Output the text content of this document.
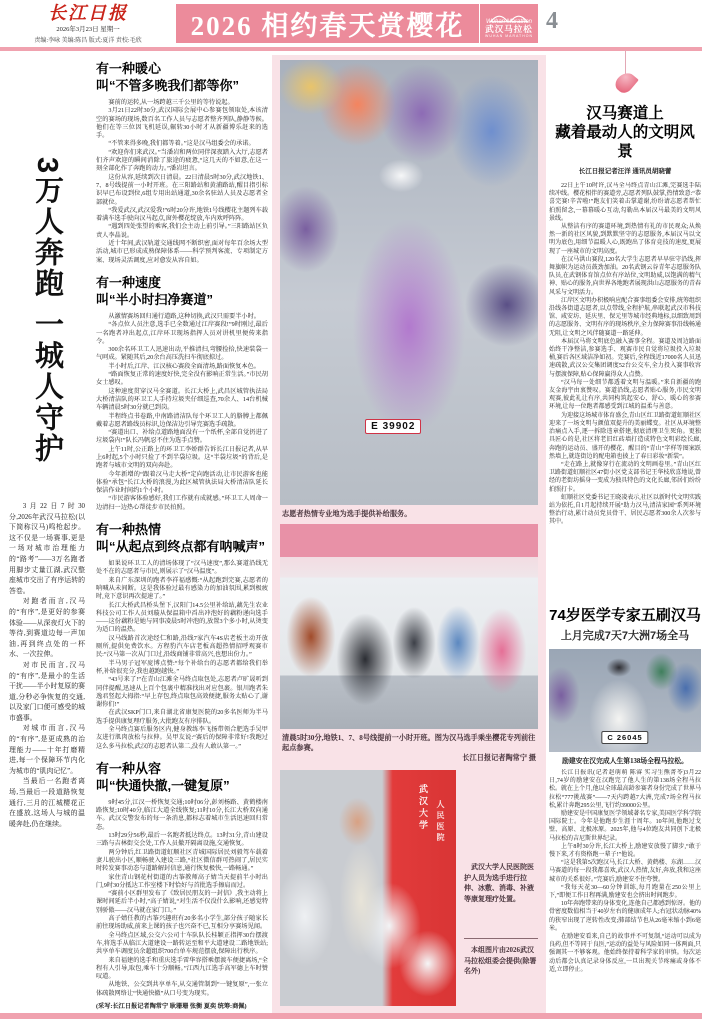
长江日报
2026年3月23日 星期一
责编:李咏 美编:陈昌 版式:夏洋 责校:毛欣	2026 相约春天赏樱花	Wuhan Marathon
武汉马拉松
WUHAN MARATHON
4
3万人奔跑 一城人守护

3月22日7时30分,2026年武汉马拉松(以下简称汉马)鸣枪起步。这不仅是一场赛事,更是一场对城市治理能力的“路考”——3万名跑者用脚步丈量江湖,武汉整座城市交出了有序运转的答卷。

对跑者而言,汉马的“有序”,是更好的参赛体验——从深夜灯火下的等待,到赛道边每一声加油,再到终点处的一杯水、一次拉伸。

对市民而言,汉马的“有序”,是最小的生活干扰——半小时复原的赛道,分秒必争恢复的交通,以及家门口便可感受的城市盛事。

对城市而言,汉马的“有序”,是更成熟的治理能力——十年打磨精进,每一个保障环节内化为城市的“肌肉记忆”。

当最后一名跑者离场,当最后一段道路恢复通行,三月的江城樱花正在盛放,这场人与城的温暖奔赴,仍在继续。

有一种暖心
叫“不管多晚我们都等你”

赛前的运转,从一场跨越三千公里的等待说起。

3月21日22时30分,武汉国际会展中心参赛包领取处,本该清空的赛场的现场,数百名工作人员与志愿者整齐列队,静静等候。他们在等三位因飞机延误,辗转30小时才从新疆博乐赶来的选手。

“不管来得多晚,我们都等着。”这是汉马组委会的承诺。

“欢迎你们来武汉。”当潘岩和两位同伴深夜踏入大厅,志愿者们齐声欢迎的瞬间消除了旅途的疲惫,“这几天的不如意,在这一刻全部化作了奔跑的动力。”潘岩坦言。

这份从容,延续到次日清晨。22日清晨5时30分,武汉地铁1、7、8号线提前一小时开班。在三阳路站和黄浦路站,醒目指引标识早已布设到位,6组专用出站通道,30余名驻站人员及志愿者全部就位。

“我爱武汉,武汉爱我!”6时20分许,地铁1号线樱花主题列车载着满车选手驶向汉马起点,窗外樱花绽放,车内欢呼阵阵。

“遇到四处张望的乘客,我们会主动上前引导。”三阳路站区负责人李晶说。

近十年间,武汉轨道交通线网不断织密,面对每年百余场大型活动,城市已形成成熟保障体系——科学预判客流、专项制定方案、现场灵活调度,应对愈发从容自如。

有一种速度
叫“半小时扫净赛道”

从激情赛场回归通行道路,这种切换,武汉只需要半小时。

“各点位人员注意,选手已全数通过江岸赛段!”9时刚过,最后一名跑者冲出起点,江岸环卫现场指挥人员对讲机里便传来指令。

300余名环卫工人迅速出动,平推清扫,弯腰捡拾,快速装袋一气呵成。紧随其后,20余台高压洗扫车彻底掠过。

半小时后,江岸、江汉核心赛段全面清场,路面恢复本色。

“路面恢复正常的速度好快,完全没有影响正常生活。”市民胡女士感叹。

这种速度贯穿汉马全赛道。长江大桥上,武昌区城管执法局大桥清洁队的环卫工人手持垃圾夹仔细巡查,70余人、14台机械车辆清晨5时30分就已到岗。

半程终点书卷路,中南路清洁队每个环卫工人的胳膊上都佩戴着志愿者路线员标识,边保洁边引导完赛选手疏散。

“赛道出口、补给点道路地面没有一个纸杯,全部自觉扔进了垃圾袋内!”队长冯帆忍不住为选手点赞。

上午11时,公正路上的环卫工李娇群告诉长江日报记者,从早上6时起,5个小时只捡了不到半袋垃圾。这“半袋垃圾”的背后,是跑者与城市文明的双向奔赴。

今年新增的“跟着汉马走大桥”定向跑活动,让市民游客也能体验“承包”长江大桥的浪漫,为此区城管执法局大桥清洁队延长保洁作业时间约1个小时。

“市民游客体验感好,我们工作就有成就感。”环卫工人周命一边清扫一边热心帮徒步市民拍照。

有一种热情
叫“从起点到终点都有呐喊声”

如果说环卫工人的清场体现了“汉马速度”,那么赛道沿线无处不在的志愿者与市民,则展示了“汉马温度”。

来自广东深圳的跑者李祥福感慨:“从起跑到完赛,志愿者的呐喊从未间断。这是我体验过最有感染力的加油氛围,累到极疲时,竟下意识再次提速了。”

长江大桥武昌桥头堡下,汉阳门14.5公里补给站,藕先生农业科技公司工作人员刘璇从保温箱中舀出冲泡好的藕粉递向选手——这份藕粉是她与同事凌晨5时冲泡的,放置3个多小时,从烫变为适口的温热。

汉马线路首次途经仁和路,沿线7家汽车4S店老板主动开放厕所,提供免费饮水。方程豹汽车店老板高超热情招呼观赛市民:“汉马第一次从门口过,沿线商铺非常高兴,也想出份力。”

半马男子冠军庞博点赞:“每个补给台的志愿者都给我们举杯,补给很充分,我也越跑越快。”

“43号来了!”在青山江滩全马终点取包处,志愿者卢旷晟听到同伴提醒,迅速从上百个包裹中精准找出对应包裹。银川跑者朱逸君竖起大拇指:“早上存包,终点取包高效便捷,服务太贴心了,谢谢你们!”

在武汉SKP门口,来自湖北省康复医院的20多名医师为半马选手提供康复理疗服务,大批跑友有序排队。

全马终点赛后服务区内,健身教练李飞扬带领合肥选手吴甲友进行肌肉放松与拉伸。吴甲友说:“赛后的保障非常好!我跑过这么多马拉松,武汉的志愿者认第二,没有人敢认第一。”

有一种从容
叫“快通快撤,一键复原”

9时45分,江汉一桥恢复交通;10时06分,彭刘杨路、黄鹤楼南路恢复;10时40分,临江大道全线恢复;11时10分,长江大桥双向通车。武汉交警发布的每一条消息,都标志着城市生活迅速回归常态。

13时29分56秒,最后一名跑者抵达终点。13时31分,青山建设三路与吉林街交会处,工作人员撤开隔离设施,交通恢复。

两分钟后,红卫路街道虹顺社区青城国际居民刘毅驾车载着妻儿驶出小区,顺畅驶入建设三路,“社区微信群可热闹了,居民实时转发赛事动态与道路解封信息,通行恢复极快,一路畅通。”

家住青山钢花村街道的古筝教师高子婧当天提前半小时出门,9时30分抵达工作室楼下时恰好与首批选手擦肩而过。

“赛前小区群里发布了《致居民朋友的一封信》,我主动将上课时间延后半小时,”高子婧说,“对生活不仅没什么影响,还感觉特别骄傲——汉马就在家门口。”

高子婧任教的古筝兴趣班有20多名小学生,部分孩子随家长前往现场助威,前来上课的孩子也兴奋不已,互相分享赛场见闻。

全马终点区域,公交六公司十车队队长桂颖正指挥30台摆渡车,将选手从临江大道建设一路转运至和平大道建设二路地铁站;共享单车调度员余超组织700台单车规范摆放,保障出行秩序。

来自福建的选手和重庆选手雷华容搭乘摆渡车便捷离场,“全程有人引导,取包,乘车十分顺畅。”江西九江选手高军德上车时赞叹道。

从地铁、公交到共享单车,从交通管制到“一键复原”,一张立体疏散网络让“快通快撤”从口号变为现实。

(采写:长江日报记者陶常宁 耿珊珊 张衡 夏奕 统筹:商佩)
E 39902
志愿者热情专业地为选手提供补给服务。
清晨5时30分,地铁1、7、8号线提前一小时开班。图为汉马选手乘坐樱花专列前往起点参赛。
长江日报记者陶常宁 摄
武汉大学 人民医院
武汉大学人民医院医护人员为选手进行拉伸、冰敷、消毒、补液等康复理疗处置。
本组图片由2026武汉马拉松组委会提供(除署名外)
汉马赛道上
藏着最动人的文明风景
长江日报记者汪洋 通讯员胡晓蕾

22日上午10时许,汉马全马终点青山江滩,完赛选手陆续冲线。樱花相伴的赛道旁,志愿者列队鼓掌,热情致意:“恭喜完赛!辛苦啦!”跑友们笑着击掌道谢,纷纷请志愿者帮忙拍照留念,一幕幕暖心互动,勾勒出本届汉马最美的文明风景线。

从整洁有序的赛道环境,到热情有礼的市民观众;从焕然一新的社区风貌,到默默坚守的志愿服务,本届汉马以文明为底色,用细节温暖人心,既跑出了体育竞技的速度,更展现了一座城市的文明高度。

在汉马洪山赛段,120名大学生志愿者早早驻守沿线,挥舞旗帜为运动员鼓劲加油。20名武钢云谷青年志愿服务队队员,在武钢体育馆点位有序站位,文明助威,以饱满的精气神、贴心的服务,向世界各地跑者展现洪山志愿服务的青春风采与文明活力。

江岸区文明办积极响应配合赛事组委会安排,统筹组织沿线各街道志愿者,以点带线,全程护航,串联起武汉市科技馆、咸安坊、延庆里、保元里等城市经典地标,以细致周到的志愿服务、文明有序的现场秩序,全力保障赛事沿线畅通无阻,让文明之风伴随赛道一路延伸。

本届汉马将文明底色融入赛事全程。赛道及周边路面始终干净整洁,参赛选手、观赛市民自觉将垃圾投入垃圾桶,赛后各区域洁净如初。完赛后,全程线近17000名人员迅速疏散,武汉公交集团调度52台公交车,全力投入赛事收容与摆渡保障,贴心保障赢得众人点赞。

“汉马每一处细节都透着文明与温暖。”来自新疆的跑友金海宇由衷赞叹。赛道沿线,志愿者贴心服务,市民文明观赛,彼此礼让有序,共同构筑起安心、舒心、暖心的参赛环境,让每一位跑者都感受到江城的温柔与善意。

为迎接这场城市体育盛会,青山区红卫路街道虹顺社区迎来了一场文明与颜值双提升的美丽蝶变。社区从环境整治痛点入手,逐一拆除违章搭建,彻底清理卫生死角。更独具匠心的是,社区将老旧红砖墙打造成特色文明彩绘长廊,奔跑的运动员、盛开的樱花、醒目的“青山”字样等图案跃然墙上,就连街边的配电箱也披上了春日彩妆“新装”。

“走在路上,就像穿行在流动的文明画卷里。”青山区红卫路街道虹顺社区47街小区党支部书记王华枝欣喜地说,曾经的老街坊摇身一变成为独具特色的文化长廊,邻居们纷纷拍照打卡。

虹顺社区党委书记王晓凌表示,社区以新时代文明实践站为依托,自1月起持续开展“助力汉马,清洁家园”系列环境整治行动,累计动员党员骨干、居民志愿者300余人次参与其中。

74岁医学专家五刷汉马
上月完成7天7大洲7场全马
C 26045
励建安在汉完成人生第138场全程马拉松。

长江日报讯(记者赵萌萌 陈睿 实习生熊菁苓)3月22日,74岁的励建安在汉跑完了他人生的第138场全程马拉松。就在上个月,他以全球最高龄参赛者身份完成了世界马拉松“777挑战赛”——7天内跨越7大洲,完成7场全程马拉松,累计奔跑295公里,飞行约39000公里。

励建安是中国康复医学领域著名专家,美国医学科学院国际院士。今年是他跑步生涯十周年。10年间,他跑过戈壁、高原、北极冰原。2025年,他与4位跑友共同创下北极马拉松的吉尼斯世界纪录。

上午8时30分许,长江大桥上,励建安放慢了脚步,“敢于慢下来,才有资格跑一辈子!”他说。

“这是我第5次跑汉马,长江大桥、黄鹤楼、东湖……汉马赛道的每一段我都喜欢,武汉人热情,友好,奔放,我和这座城市的关系很好。”完赛后,励建安不住夸赞。

“我每天花30—60分钟训练,每月跑量在250公里上下,”即便工作日程再满,励建安也会挤出时间跑步。

10年奔跑带来的身体变化,连他自己都感到惊讶。他的骨密度数值相当于40岁左右的健康成年人;右冠状动脉40%的狭窄出现了逆转性改变;肺部结节也从26毫米缩小到6毫米。

在励建安看来,自己的故事并不可复制,“运动可以成为良药,但不等同于良医,”运动的益处与风险如同一体两面,只强调其一不够客观。他始终保持着科学家的审慎。每次运动后都会认真记录身体反应,一旦出现关节疼痛或身体不适,立即停止。
